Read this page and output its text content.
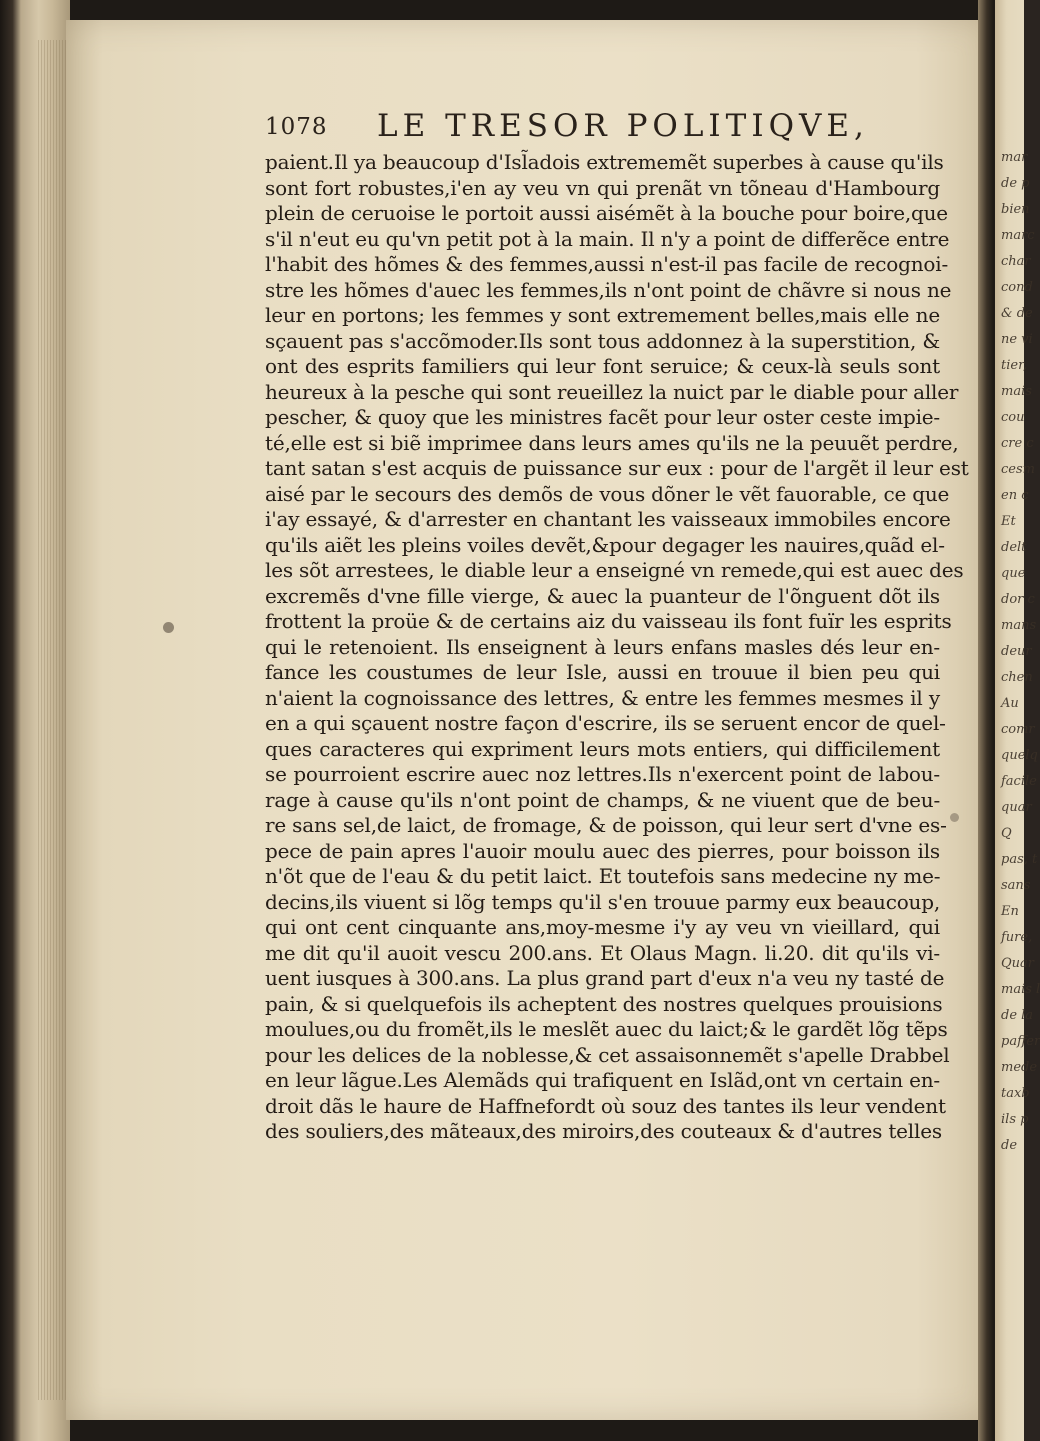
mar
de p
bien
marc
char
cond
& de
ne vi
tier,
mais
cou
cre c
cesm
en c
Et
delt
que
dor c
mans
deur
chen
Au
comr
quelq
facile
quar
Q
pas, t
sans
En
fure,
Quar
mais l
de la
paffer
mede
taxb
ils p
de
1078 LE TRESOR POLITIQVE,
paient.Il ya beaucoup d'Isl̃adois extrememẽt superbes à cause qu'ils
sont fort robustes,i'en ay veu vn qui prenãt vn tõneau d'Hambourg
plein de ceruoise le portoit aussi aisémẽt à la bouche pour boire,que
s'il n'eut eu qu'vn petit pot à la main. Il n'y a point de differẽce entre
l'habit des hõmes & des femmes,aussi n'est-il pas facile de recognoi-
stre les hõmes d'auec les femmes,ils n'ont point de chãvre si nous ne
leur en portons; les femmes y sont extremement belles,mais elle ne
sçauent pas s'accõmoder.Ils sont tous addonnez à la superstition, &
ont des esprits familiers qui leur font seruice; & ceux-là seuls sont
heureux à la pesche qui sont reueillez la nuict par le diable pour aller
pescher, & quoy que les ministres facẽt pour leur oster ceste impie-
té,elle est si biẽ imprimee dans leurs ames qu'ils ne la peuuẽt perdre,
tant satan s'est acquis de puissance sur eux : pour de l'argẽt il leur est
aisé par le secours des demõs de vous dõner le vẽt fauorable, ce que
i'ay essayé, & d'arrester en chantant les vaisseaux immobiles encore
qu'ils aiẽt les pleins voiles devẽt,&pour degager les nauires,quãd el-
les sõt arrestees, le diable leur a enseigné vn remede,qui est auec des
excremẽs d'vne fille vierge, & auec la puanteur de l'õnguent dõt ils
frottent la proüe & de certains aiz du vaisseau ils font fuïr les esprits
qui le retenoient. Ils enseignent à leurs enfans masles dés leur en-
fance les coustumes de leur Isle, aussi en trouue il bien peu qui
n'aient la cognoissance des lettres, & entre les femmes mesmes il y
en a qui sçauent nostre façon d'escrire, ils se seruent encor de quel-
ques caracteres qui expriment leurs mots entiers, qui difficilement
se pourroient escrire auec noz lettres.Ils n'exercent point de labou-
rage à cause qu'ils n'ont point de champs, & ne viuent que de beu-
re sans sel,de laict, de fromage, & de poisson, qui leur sert d'vne es-
pece de pain apres l'auoir moulu auec des pierres, pour boisson ils
n'õt que de l'eau & du petit laict. Et toutefois sans medecine ny me-
decins,ils viuent si lõg temps qu'il s'en trouue parmy eux beaucoup,
qui ont cent cinquante ans,moy-mesme i'y ay veu vn vieillard, qui
me dit qu'il auoit vescu 200.ans. Et Olaus Magn. li.20. dit qu'ils vi-
uent iusques à 300.ans. La plus grand part d'eux n'a veu ny tasté de
pain, & si quelquefois ils acheptent des nostres quelques prouisions
moulues,ou du fromẽt,ils le meslẽt auec du laict;& le gardẽt lõg tẽps
pour les delices de la noblesse,& cet assaisonnemẽt s'apelle Drabbel
en leur lãgue.Les Alemãds qui trafiquent en Islãd,ont vn certain en-
droit dãs le haure de Haffnefordt où souz des tantes ils leur vendent
des souliers,des mãteaux,des miroirs,des couteaux & d'autres telles
